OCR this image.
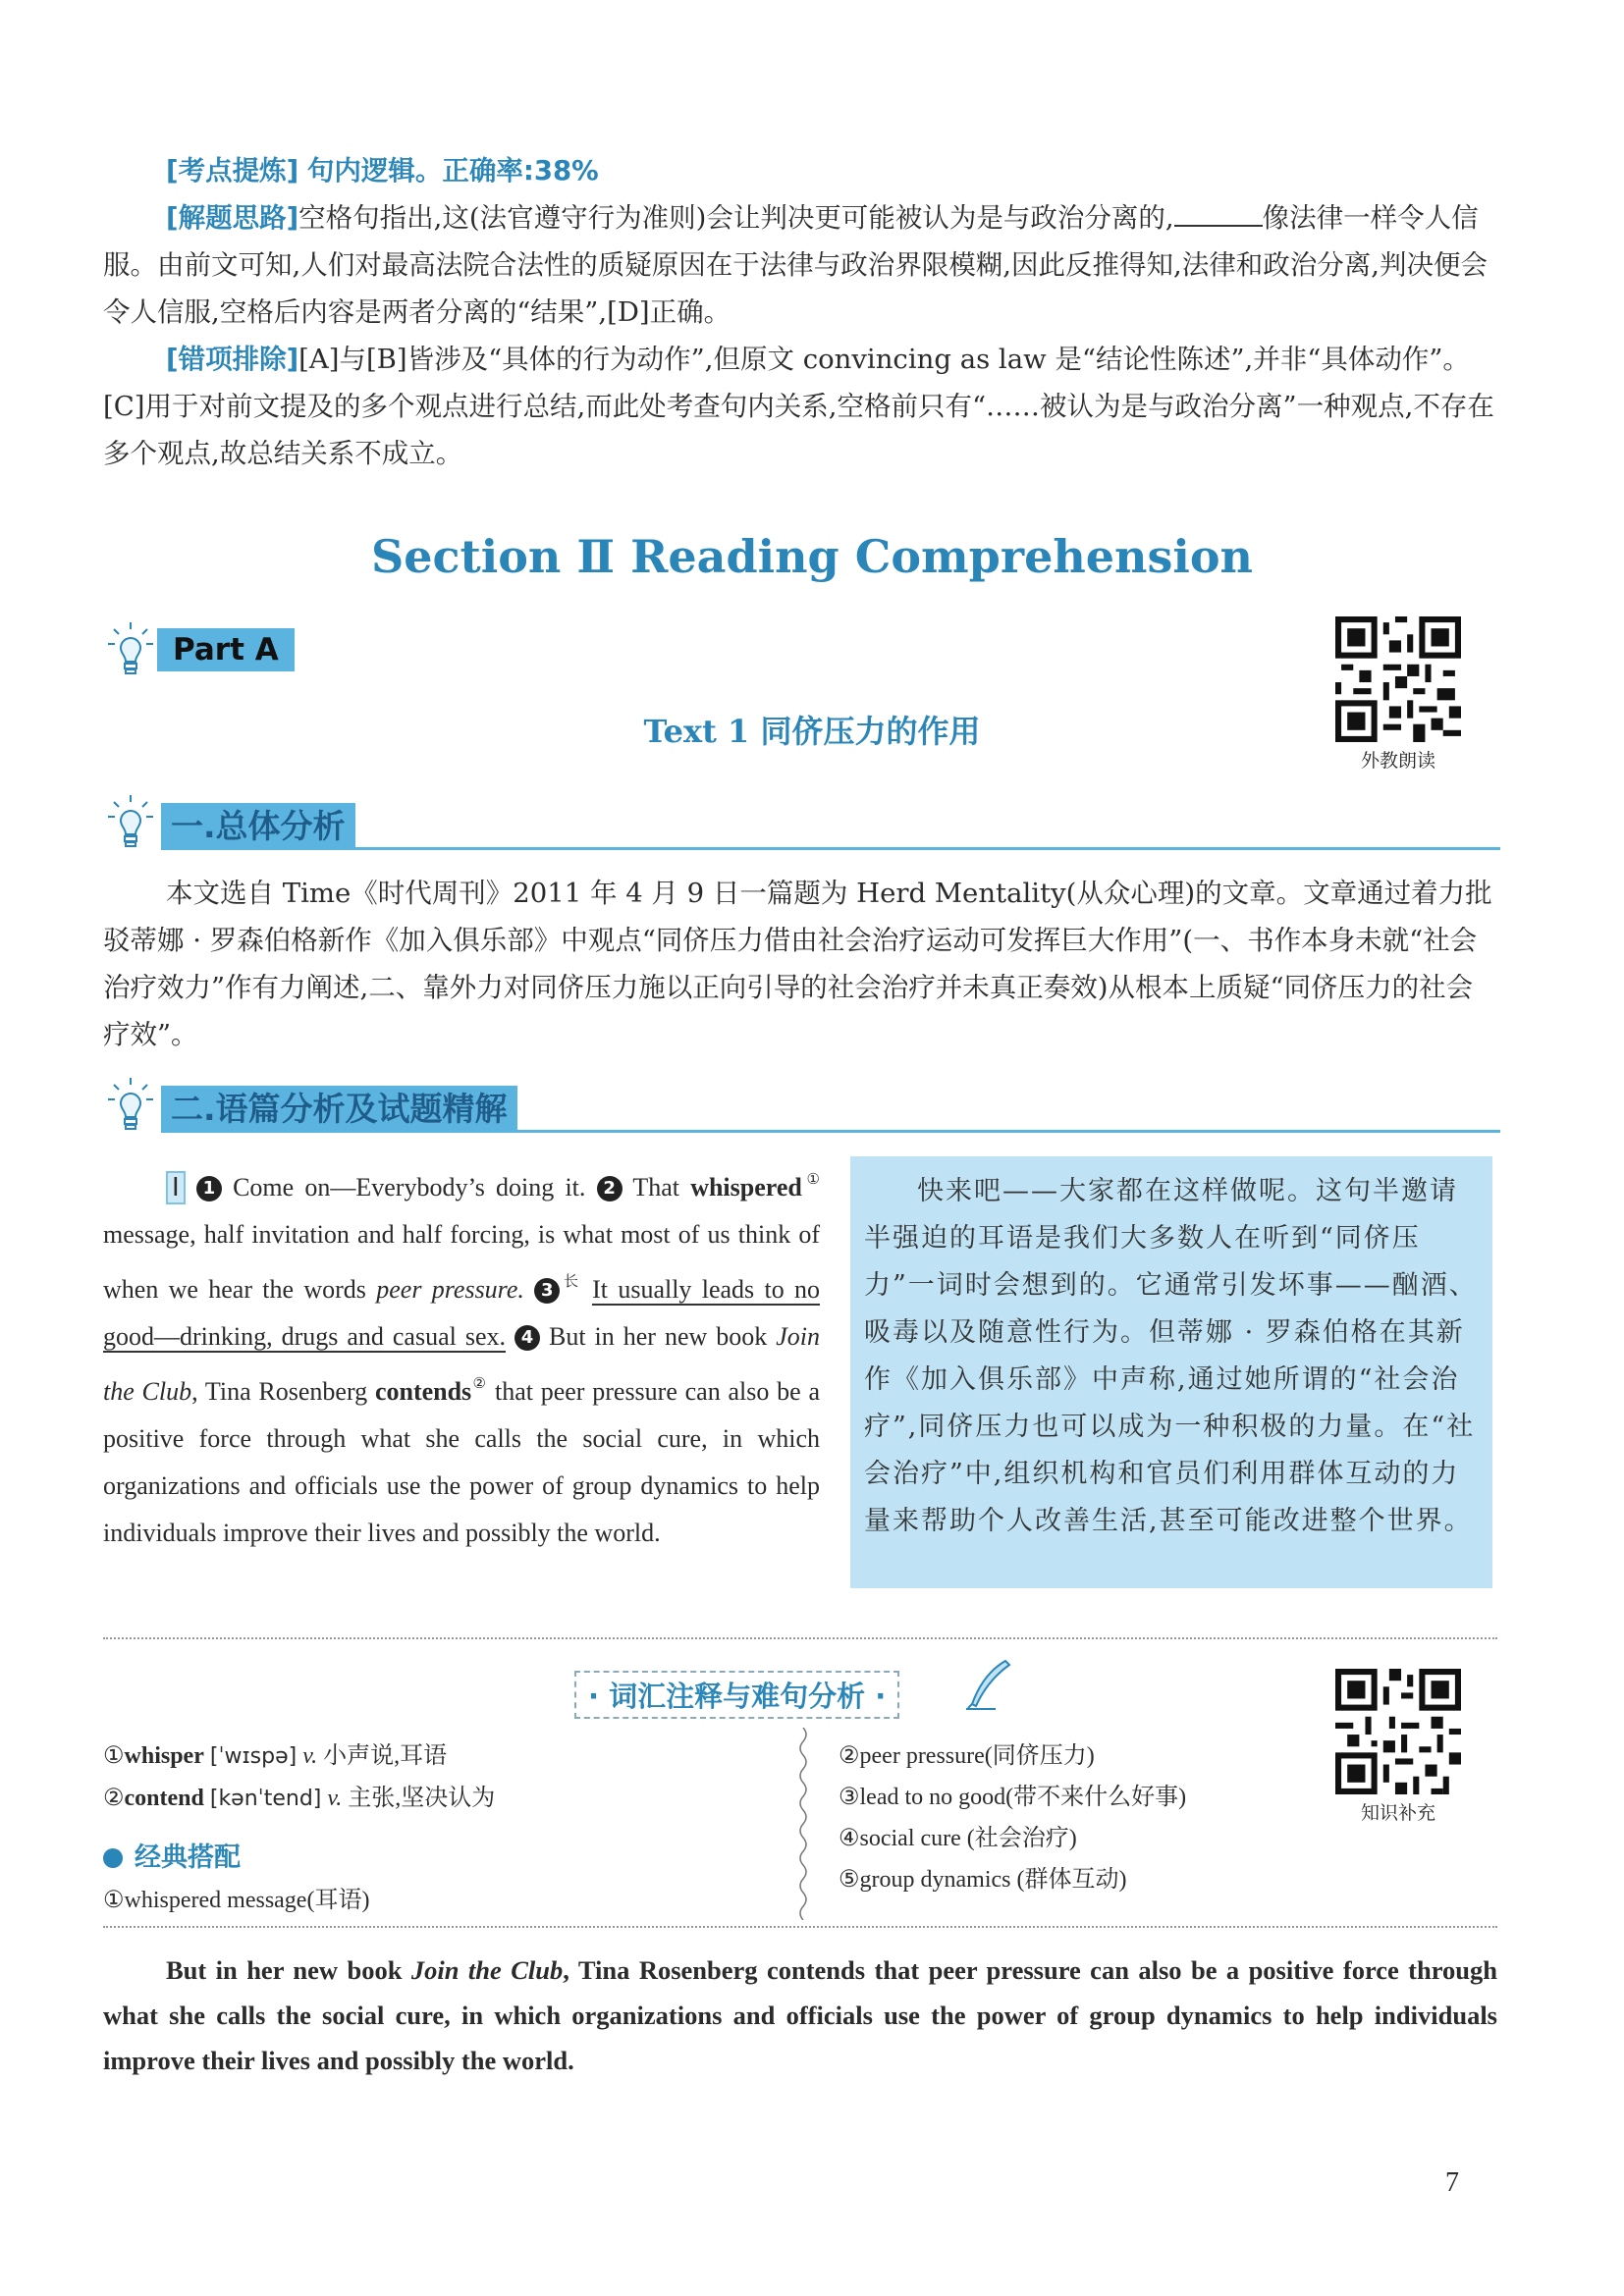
[考点提炼] 句内逻辑。正确率:38%

[解题思路]空格句指出,这(法官遵守行为准则)会让判决更可能被认为是与政治分离的,	像法律一样令人信服。由前文可知,人们对最高法院合法性的质疑原因在于法律与政治界限模糊,因此反推得知,法律和政治分离,判决便会令人信服,空格后内容是两者分离的“结果”,[D]正确。

[错项排除][A]与[B]皆涉及“具体的行为动作”,但原文 convincing as law 是“结论性陈述”,并非“具体动作”。[C]用于对前文提及的多个观点进行总结,而此处考查句内关系,空格前只有“……被认为是与政治分离”一种观点,不存在多个观点,故总结关系不成立。

Section Ⅱ Reading Comprehension
Part A
Text 1 同侪压力的作用
外教朗读
一.总体分析

本文选自 Time《时代周刊》2011 年 4 月 9 日一篇题为 Herd Mentality(从众心理)的文章。文章通过着力批驳蒂娜 · 罗森伯格新作《加入俱乐部》中观点“同侪压力借由社会治疗运动可发挥巨大作用”(一、书作本身未就“社会治疗效力”作有力阐述,二、靠外力对同侪压力施以正向引导的社会治疗并未真正奏效)从根本上质疑“同侪压力的社会疗效”。

二.语篇分析及试题精解
Ⅰ 1 Come on—Everybody’s doing it. 2 That whispered① message, half invitation and half forcing, is what most of us think of when we hear the words peer pressure. 3 $^长$ It usually leads to no good—drinking, drugs and casual sex. 4 But in her new book Join the Club, Tina Rosenberg contends② that peer pressure can also be a positive force through what she calls the social cure, in which organizations and officials use the power of group dynamics to help individuals improve their lives and possibly the world.
快来吧——大家都在这样做呢。这句半邀请半强迫的耳语是我们大多数人在听到“同侪压力”一词时会想到的。它通常引发坏事——酗酒、吸毒以及随意性行为。但蒂娜 · 罗森伯格在其新作《加入俱乐部》中声称,通过她所谓的“社会治疗”,同侪压力也可以成为一种积极的力量。在“社会治疗”中,组织机构和官员们利用群体互动的力量来帮助个人改善生活,甚至可能改进整个世界。
· 词汇注释与难句分析 ·
知识补充
①whisper [ˈwɪspə] v. 小声说,耳语
②contend [kənˈtend] v. 主张,坚决认为
经典搭配
①whispered message(耳语)
②peer pressure(同侪压力)
③lead to no good(带不来什么好事)
④social cure (社会治疗)
⑤group dynamics (群体互动)
But in her new book Join the Club, Tina Rosenberg contends that peer pressure can also be a positive force through what she calls the social cure, in which organizations and officials use the power of group dynamics to help individuals improve their lives and possibly the world.
7
